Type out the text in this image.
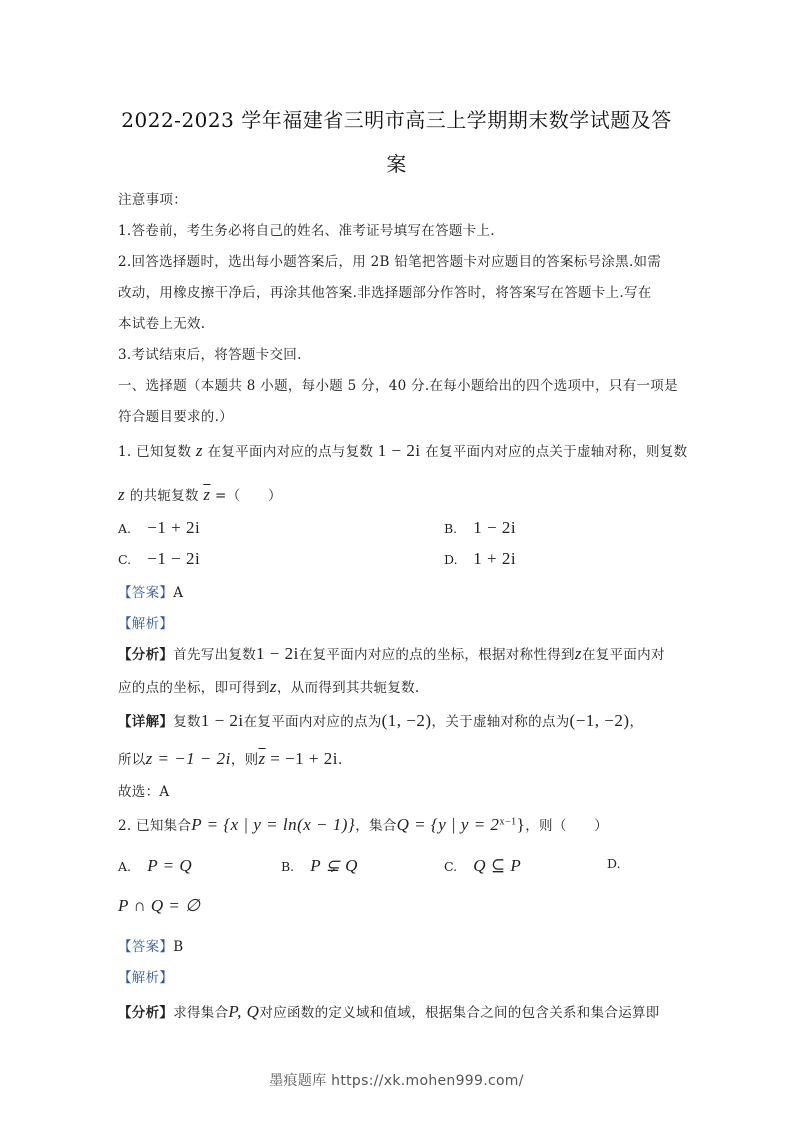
2022-2023 学年福建省三明市高三上学期期末数学试题及答
案
注意事项：
1.答卷前，考生务必将自己的姓名、准考证号填写在答题卡上.
2.回答选择题时，选出每小题答案后，用 2B 铅笔把答题卡对应题目的答案标号涂黑.如需
改动，用橡皮擦干净后，再涂其他答案.非选择题部分作答时，将答案写在答题卡上.写在
本试卷上无效.
3.考试结束后，将答题卡交回.
一、选择题（本题共 8 小题，每小题 5 分，40 分.在每小题给出的四个选项中，只有一项是
符合题目要求的.）
1. 已知复数 z 在复平面内对应的点与复数 1 − 2i 在复平面内对应的点关于虚轴对称，则复数
z 的共轭复数 $\overline{z}$ =（　　）
A. −1 + 2i	B. 1 − 2i
C. −1 − 2i	D. 1 + 2i
【答案】A
【解析】
【分析】首先写出复数1 − 2i在复平面内对应的点的坐标，根据对称性得到z在复平面内对
应的点的坐标，即可得到z，从而得到其共轭复数.
【详解】复数1 − 2i在复平面内对应的点为(1, −2)，关于虚轴对称的点为(−1, −2)，
所以z = −1 − 2i，则$\overline{z} = -1 + 2i$.
故选：A
2. 已知集合P = {x | y = ln(x − 1)}，集合Q = {y | $y = 2^{x-1}$}，则（　　）
A. P = Q	B. P ⊊ Q	C. Q ⊆ P	D.
P ∩ Q = ∅
【答案】B
【解析】
【分析】求得集合P, Q对应函数的定义域和值域，根据集合之间的包含关系和集合运算即
墨痕题库 https://xk.mohen999.com/
